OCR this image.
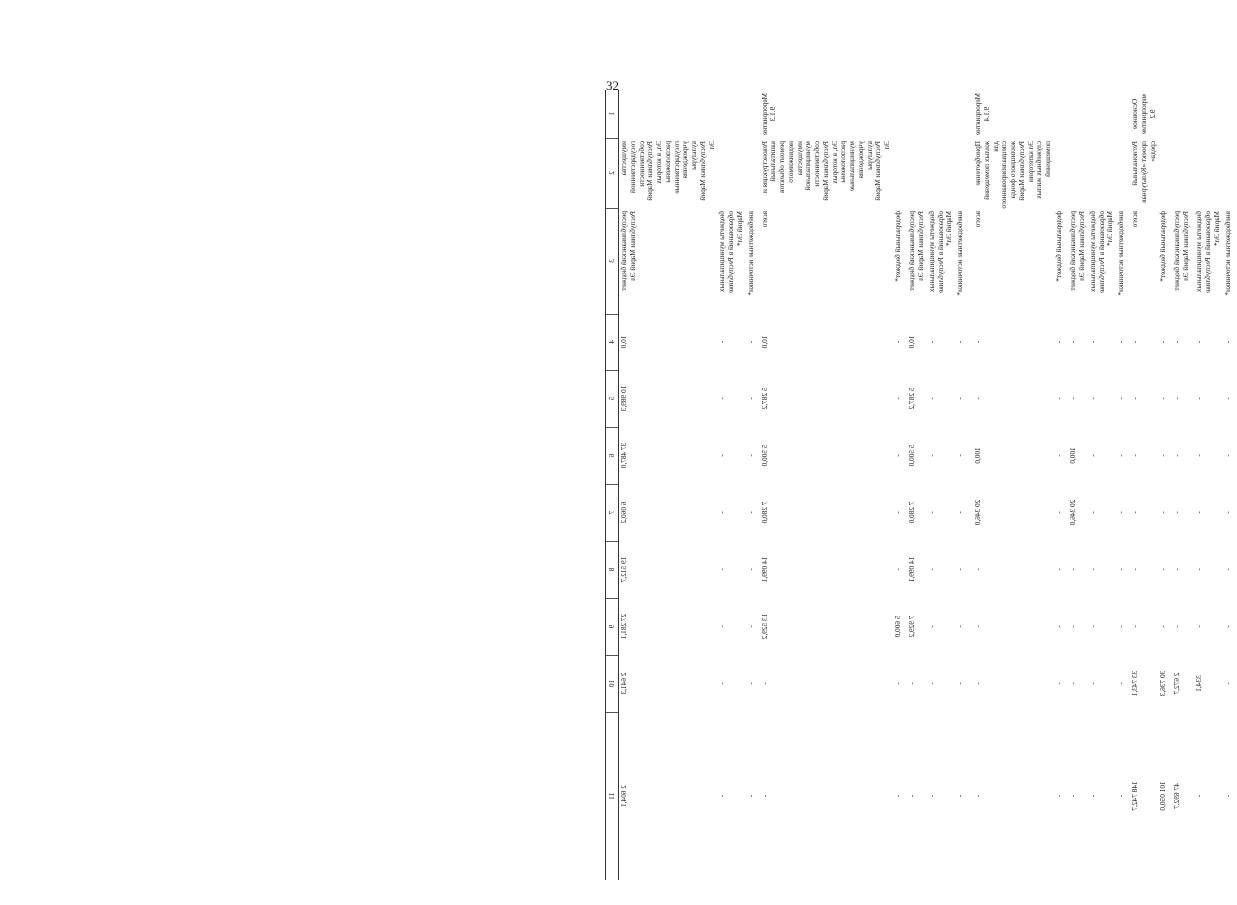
32
1	2	3	4	5	6	7	8	9	10	11
	имущества государственной собственности Республики Марий Эл, в которых расположены государственные учреждения культуры Республики Марий Эл	республиканский бюджет Республики Марий Эл	10,0	10 989,3	37 487,0	6 060,2	19 512,7	27 281,1	2 641,3	2 604,1
		бюджеты муниципальных образований в Республике Марий Эл*	-	-	-	-	-	-	-	-
		внебюджетные источники*	-	-	-	-	-	-	-	-
Мероприятие 9.1.3	Реконструкция и капитальный ремонт объектов недвижимого имущества муниципальной собственности Республики Марий Эл, в которых расположены муниципальные учреждения культуры Республики Марий Эл	всего	10,0	5 287,2	5 500,0	7 280,0	14 099,1	13 529,2	-	-
		федеральный бюджет*	-	-	-	-	-	5 600,0	-	-
		республиканский бюджет Республики Марий Эл	10,0	5 287,2	5 500,0	7 280,0	14 099,1	7 929,2	-	-
		бюджеты муниципальных образований в Республике Марий Эл*	-	-	-	-	-	-	-	-
		внебюджетные источники*	-	-	-	-	-	-	-	-
Мероприятие 9.1.4	Приобретение жилых помещений для специализированного жилищного фонда Республики Марий Эл категории служебных жилых помещений	всего	-	-	100,0	20 346,0	-	-	-	-
		федеральный бюджет*	-	-	-	-	-	-	-	-
		республиканский бюджет Республики Марий Эл	-	-	100,0	20 346,0	-	-	-	-
		бюджеты муниципальных образований в Республике Марий Эл*	-	-	-	-	-	-	-	-
		внебюджетные источники*	-	-	-	-	-	-	-	-
Основное мероприятие 9.2	Региональный проект «Культурная среда»	всего	-	-	-	-	-	-	33 743,1	148 742,7
		федеральный бюджет*	-	-	-	-	-	-	30 736,3	101 050,0
		республиканский бюджет Республики Марий Эл	-	-	-	-	-	-	2 672,7	47 692,7
		бюджеты муниципальных образований в Республике Марий Эл*	-	-	-	-	-	-	334,1	-
		внебюджетные источники*	-	-	-	-	-	-	-	-
